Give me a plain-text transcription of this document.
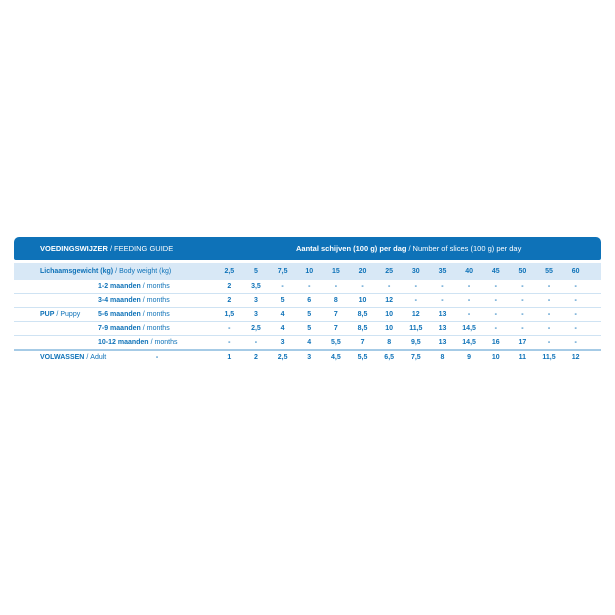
VOEDINGSWIJZER / FEEDING GUIDE	Aantal schijven (100 g) per dag / Number of slices (100 g) per day
Lichaamsgewicht (kg) / Body weight (kg)	2,5	5	7,5	10	15	20	25	30	35	40	45	50	55	60
1-2 maanden / months	2	3,5	-	-	-	-	-	-	-	-	-	-	-	-
3-4 maanden / months	2	3	5	6	8	10	12	-	-	-	-	-	-	-
PUP / Puppy	5-6 maanden / months	1,5	3	4	5	7	8,5	10	12	13	-	-	-	-	-
7-9 maanden / months	-	2,5	4	5	7	8,5	10	11,5	13	14,5	-	-	-	-
10-12 maanden / months	-	-	3	4	5,5	7	8	9,5	13	14,5	16	17	-	-
VOLWASSEN / Adult	-	1	2	2,5	3	4,5	5,5	6,5	7,5	8	9	10	11	11,5	12
